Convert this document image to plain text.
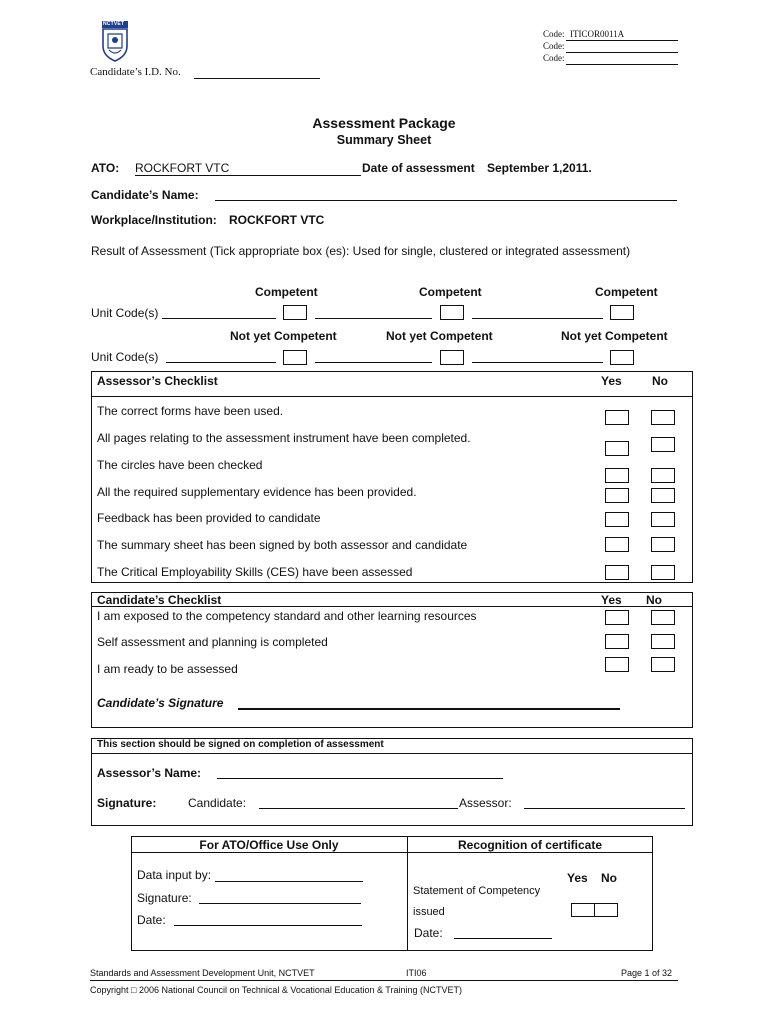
NCTVET
Code: ITICOR0011A
Code:
Code:
Candidate’s I.D. No.
Assessment Package
Summary Sheet
ATO: ROCKFORT VTC	Date of assessment September 1,2011.
Candidate’s Name:
Workplace/Institution: ROCKFORT VTC
Result of Assessment (Tick appropriate box (es): Used for single, clustered or integrated assessment)
Competent	Competent	Competent
Unit Code(s)
Not yet Competent	Not yet Competent	Not yet Competent
Unit Code(s)
Assessor’s Checklist	Yes	No
The correct forms have been used.
All pages relating to the assessment instrument have been completed.
The circles have been checked
All the required supplementary evidence has been provided.
Feedback has been provided to candidate
The summary sheet has been signed by both assessor and candidate
The Critical Employability Skills (CES) have been assessed
Candidate’s Checklist	Yes No
I am exposed to the competency standard and other learning resources
Self assessment and planning is completed
I am ready to be assessed
Candidate’s Signature
This section should be signed on completion of assessment
Assessor’s Name:
Signature:	Candidate:	Assessor:
For ATO/Office Use Only	Recognition of certificate
Data input by:
Signature:
Date:
Yes No
Statement of Competency
issued
Date:
Standards and Assessment Development Unit, NCTVET	ITI06	Page 1 of 32
Copyright □ 2006 National Council on Technical & Vocational Education & Training (NCTVET)
